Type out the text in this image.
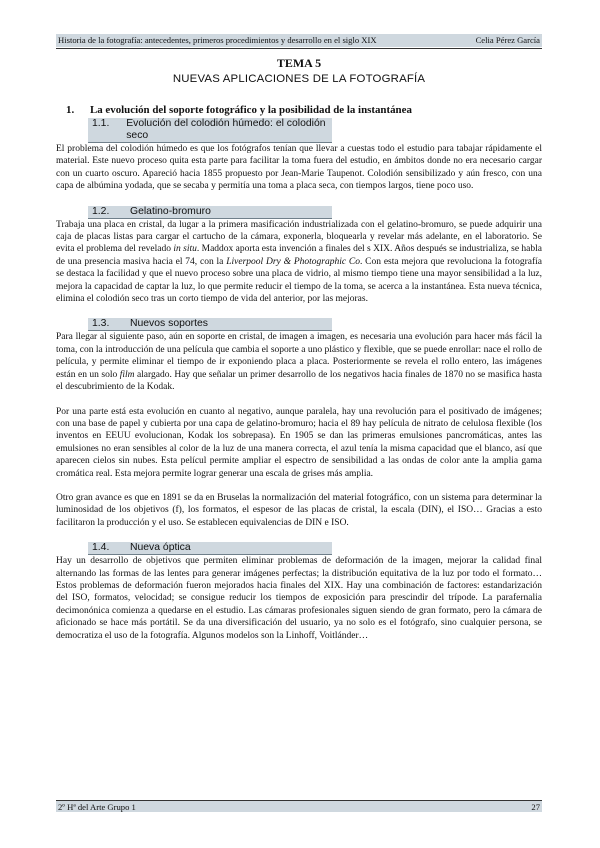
Historia de la fotografía: antecedentes, primeros procedimientos y desarrollo en el siglo XIX	Celia Pérez García

TEMA 5

NUEVAS APLICACIONES DE LA FOTOGRAFÍA

1.	La evolución del soporte fotográfico y la posibilidad de la instantánea
1.1.	Evolución del colodión húmedo: el colodión seco

El problema del colodión húmedo es que los fotógrafos tenían que llevar a cuestas todo el estudio para tabajar rápidamente el material. Este nuevo proceso quita esta parte para facilitar la toma fuera del estudio, en ámbitos donde no era necesario cargar con un cuarto oscuro. Apareció hacia 1855 propuesto por Jean-Marie Taupenot. Colodión sensibilizado y aún fresco, con una capa de albúmina yodada, que se secaba y permitía una toma a placa seca, con tiempos largos, tiene poco uso.

1.2.	Gelatino-bromuro

Trabaja una placa en cristal, da lugar a la primera masificación industrializada con el gelatino-bromuro, se puede adquirir una caja de placas listas para cargar el cartucho de la cámara, exponerla, bloquearla y revelar más adelante, en el laboratorio. Se evita el problema del revelado in situ. Maddox aporta esta invención a finales del s XIX. Años después se industrializa, se habla de una presencia masiva hacia el 74, con la Liverpool Dry & Photographic Co. Con esta mejora que revoluciona la fotografía se destaca la facilidad y que el nuevo proceso sobre una placa de vidrio, al mismo tiempo tiene una mayor sensibilidad a la luz, mejora la capacidad de captar la luz, lo que permite reducir el tiempo de la toma, se acerca a la instantánea. Esta nueva técnica, elimina el colodión seco tras un corto tiempo de vida del anterior, por las mejoras.

1.3.	Nuevos soportes

Para llegar al siguiente paso, aún en soporte en cristal, de imagen a imagen, es necesaria una evolución para hacer más fácil la toma, con la introducción de una película que cambia el soporte a uno plástico y flexible, que se puede enrollar: nace el rollo de película, y permite eliminar el tiempo de ir exponiendo placa a placa. Posteriormente se revela el rollo entero, las imágenes están en un solo film alargado. Hay que señalar un primer desarrollo de los negativos hacia finales de 1870 no se masifica hasta el descubrimiento de la Kodak.

Por una parte está esta evolución en cuanto al negativo, aunque paralela, hay una revolución para el positivado de imágenes; con una base de papel y cubierta por una capa de gelatino-bromuro; hacia el 89 hay película de nitrato de celulosa flexible (los inventos en EEUU evolucionan, Kodak los sobrepasa). En 1905 se dan las primeras emulsiones pancromáticas, antes las emulsiones no eran sensibles al color de la luz de una manera correcta, el azul tenía la misma capacidad que el blanco, así que aparecen cielos sin nubes. Esta películ permite ampliar el espectro de sensibilidad a las ondas de color ante la amplia gama cromática real. Esta mejora permite lograr generar una escala de grises más amplia.

Otro gran avance es que en 1891 se da en Bruselas la normalización del material fotográfico, con un sistema para determinar la luminosidad de los objetivos (f), los formatos, el espesor de las placas de cristal, la escala (DIN), el ISO… Gracias a esto facilitaron la producción y el uso. Se establecen equivalencias de DIN e ISO.

1.4.	Nueva óptica

Hay un desarrollo de objetivos que permiten eliminar problemas de deformación de la imagen, mejorar la calidad final alternando las formas de las lentes para generar imágenes perfectas; la distribución equitativa de la luz por todo el formato… Estos problemas de deformación fueron mejorados hacia finales del XIX. Hay una combinación de factores: estandarización del ISO, formatos, velocidad; se consigue reducir los tiempos de exposición para prescindir del trípode. La parafernalia decimonónica comienza a quedarse en el estudio. Las cámaras profesionales siguen siendo de gran formato, pero la cámara de aficionado se hace más portátil. Se da una diversificación del usuario, ya no solo es el fotógrafo, sino cualquier persona, se democratiza el uso de la fotografía. Algunos modelos son la Linhoff, Voitlánder…

2º Hª del Arte Grupo 1	27
